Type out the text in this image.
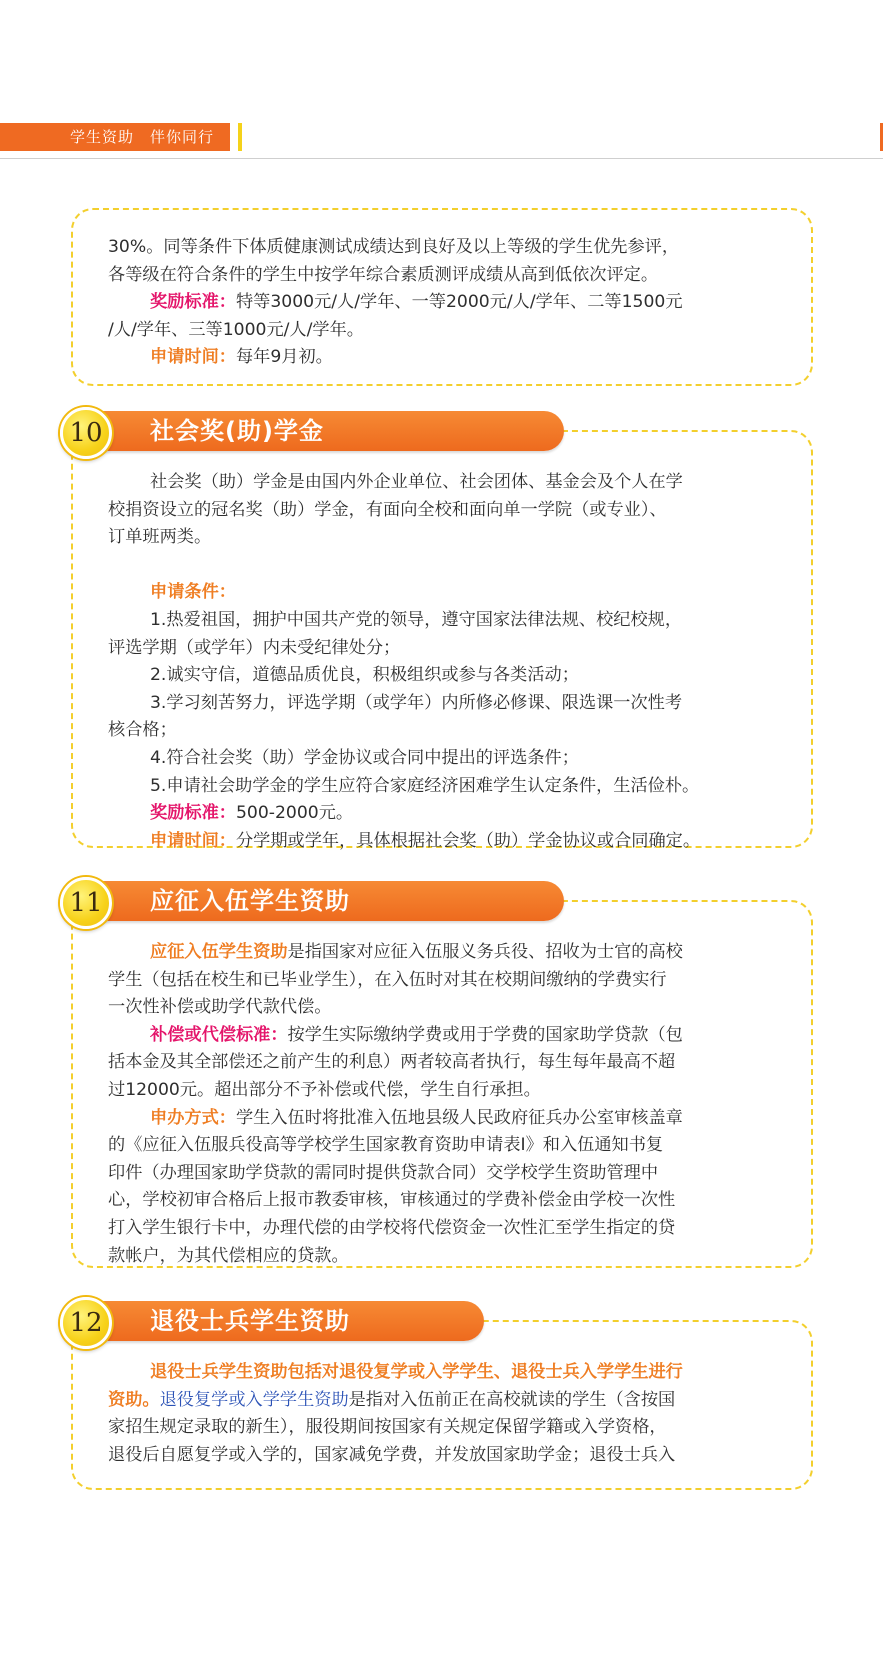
学生资助　伴你同行
30%。同等条件下体质健康测试成绩达到良好及以上等级的学生优先参评，
各等级在符合条件的学生中按学年综合素质测评成绩从高到低依次评定。
奖励标准：特等3000元/人/学年、一等2000元/人/学年、二等1500元
/人/学年、三等1000元/人/学年。
申请时间：每年9月初。
社会奖(助)学金
10
社会奖（助）学金是由国内外企业单位、社会团体、基金会及个人在学
校捐资设立的冠名奖（助）学金，有面向全校和面向单一学院（或专业）、
订单班两类。
申请条件：
1.热爱祖国，拥护中国共产党的领导，遵守国家法律法规、校纪校规，
评选学期（或学年）内未受纪律处分；
2.诚实守信，道德品质优良，积极组织或参与各类活动；
3.学习刻苦努力，评选学期（或学年）内所修必修课、限选课一次性考
核合格；
4.符合社会奖（助）学金协议或合同中提出的评选条件；
5.申请社会助学金的学生应符合家庭经济困难学生认定条件，生活俭朴。
奖励标准：500-2000元。
申请时间：分学期或学年，具体根据社会奖（助）学金协议或合同确定。
应征入伍学生资助
11
应征入伍学生资助是指国家对应征入伍服义务兵役、招收为士官的高校
学生（包括在校生和已毕业学生），在入伍时对其在校期间缴纳的学费实行
一次性补偿或助学代款代偿。
补偿或代偿标准：按学生实际缴纳学费或用于学费的国家助学贷款（包
括本金及其全部偿还之前产生的利息）两者较高者执行，每生每年最高不超
过12000元。超出部分不予补偿或代偿，学生自行承担。
申办方式：学生入伍时将批准入伍地县级人民政府征兵办公室审核盖章
的《应征入伍服兵役高等学校学生国家教育资助申请表Ⅰ》和入伍通知书复
印件（办理国家助学贷款的需同时提供贷款合同）交学校学生资助管理中
心，学校初审合格后上报市教委审核，审核通过的学费补偿金由学校一次性
打入学生银行卡中，办理代偿的由学校将代偿资金一次性汇至学生指定的贷
款帐户，为其代偿相应的贷款。
退役士兵学生资助
12
退役士兵学生资助包括对退役复学或入学学生、退役士兵入学学生进行
资助。退役复学或入学学生资助是指对入伍前正在高校就读的学生（含按国
家招生规定录取的新生），服役期间按国家有关规定保留学籍或入学资格，
退役后自愿复学或入学的，国家减免学费，并发放国家助学金；退役士兵入
